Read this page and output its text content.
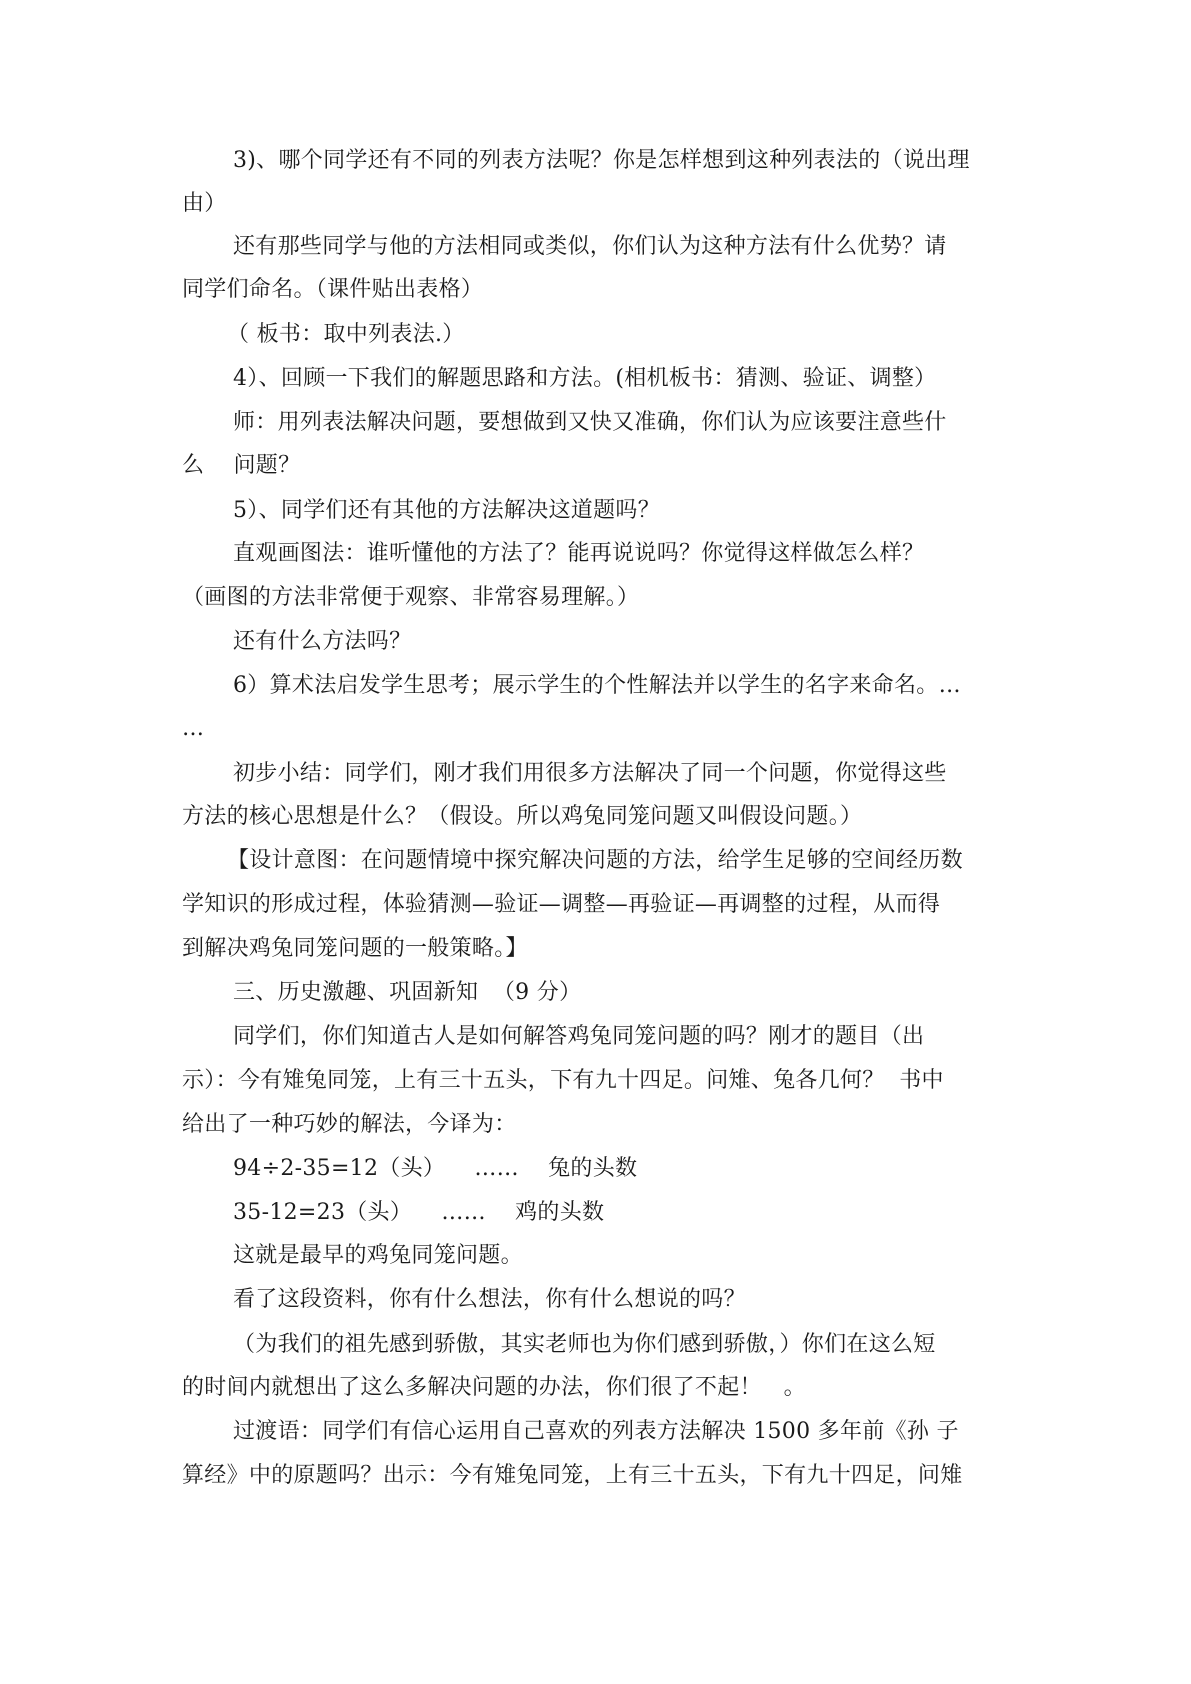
3)、哪个同学还有不同的列表方法呢？你是怎样想到这种列表法的（说出理
由）
还有那些同学与他的方法相同或类似，你们认为这种方法有什么优势？请
同学们命名。（课件贴出表格）
（ 板书：取中列表法.）
4）、回顾一下我们的解题思路和方法。(相机板书：猜测、验证、调整）
师：用列表法解决问题，要想做到又快又准确，你们认为应该要注意些什
么    问题？
5）、同学们还有其他的方法解决这道题吗？
直观画图法：谁听懂他的方法了？能再说说吗？你觉得这样做怎么样？
（画图的方法非常便于观察、非常容易理解。）
还有什么方法吗？
6）算术法启发学生思考；展示学生的个性解法并以学生的名字来命名。…
…
初步小结：同学们，刚才我们用很多方法解决了同一个问题，你觉得这些
方法的核心思想是什么？（假设。所以鸡兔同笼问题又叫假设问题。）
【设计意图：在问题情境中探究解决问题的方法，给学生足够的空间经历数
学知识的形成过程，体验猜测—验证—调整—再验证—再调整的过程，从而得
到解决鸡兔同笼问题的一般策略。】
三、历史激趣、巩固新知  （9 分）
同学们，你们知道古人是如何解答鸡兔同笼问题的吗？刚才的题目（出
示）：今有雉兔同笼，上有三十五头，下有九十四足。问雉、兔各几何？  书中
给出了一种巧妙的解法，今译为：
94÷2-35=12（头）    ……    兔的头数
35-12=23（头）    ……    鸡的头数
这就是最早的鸡兔同笼问题。
看了这段资料，你有什么想法，你有什么想说的吗？
（为我们的祖先感到骄傲，其实老师也为你们感到骄傲，）你们在这么短
的时间内就想出了这么多解决问题的办法，你们很了不起！   。
过渡语：同学们有信心运用自己喜欢的列表方法解决 1500 多年前《孙 子
算经》中的原题吗？出示：今有雉兔同笼，上有三十五头，下有九十四足，问雉
